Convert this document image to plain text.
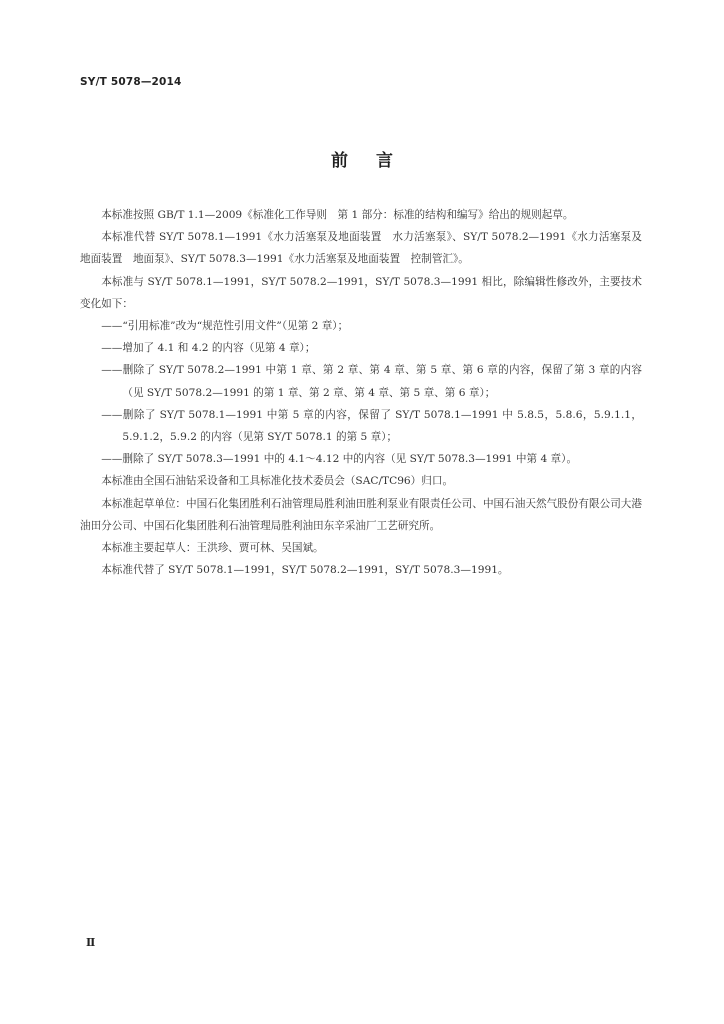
SY/T 5078—2014
前言

本标准按照 GB/T 1.1—2009《标准化工作导则　第 1 部分：标准的结构和编写》给出的规则起草。

本标准代替 SY/T 5078.1—1991《水力活塞泵及地面装置　水力活塞泵》、SY/T 5078.2—1991《水力活塞泵及地面装置　地面泵》、SY/T 5078.3—1991《水力活塞泵及地面装置　控制管汇》。

本标准与 SY/T 5078.1—1991，SY/T 5078.2—1991，SY/T 5078.3—1991 相比，除编辑性修改外，主要技术变化如下：

——“引用标准”改为“规范性引用文件”（见第 2 章）；

——增加了 4.1 和 4.2 的内容（见第 4 章）；

——删除了 SY/T 5078.2—1991 中第 1 章、第 2 章、第 4 章、第 5 章、第 6 章的内容，保留了第 3 章的内容（见 SY/T 5078.2—1991 的第 1 章、第 2 章、第 4 章、第 5 章、第 6 章）；

——删除了 SY/T 5078.1—1991 中第 5 章的内容，保留了 SY/T 5078.1—1991 中 5.8.5，5.8.6，5.9.1.1，5.9.1.2，5.9.2 的内容（见第 SY/T 5078.1 的第 5 章）；

——删除了 SY/T 5078.3—1991 中的 4.1～4.12 中的内容（见 SY/T 5078.3—1991 中第 4 章）。

本标准由全国石油钻采设备和工具标准化技术委员会（SAC/TC96）归口。

本标准起草单位：中国石化集团胜利石油管理局胜利油田胜利泵业有限责任公司、中国石油天然气股份有限公司大港油田分公司、中国石化集团胜利石油管理局胜利油田东辛采油厂工艺研究所。

本标准主要起草人：王洪珍、贾可林、吴国斌。

本标准代替了 SY/T 5078.1—1991，SY/T 5078.2—1991，SY/T 5078.3—1991。

Ⅱ
